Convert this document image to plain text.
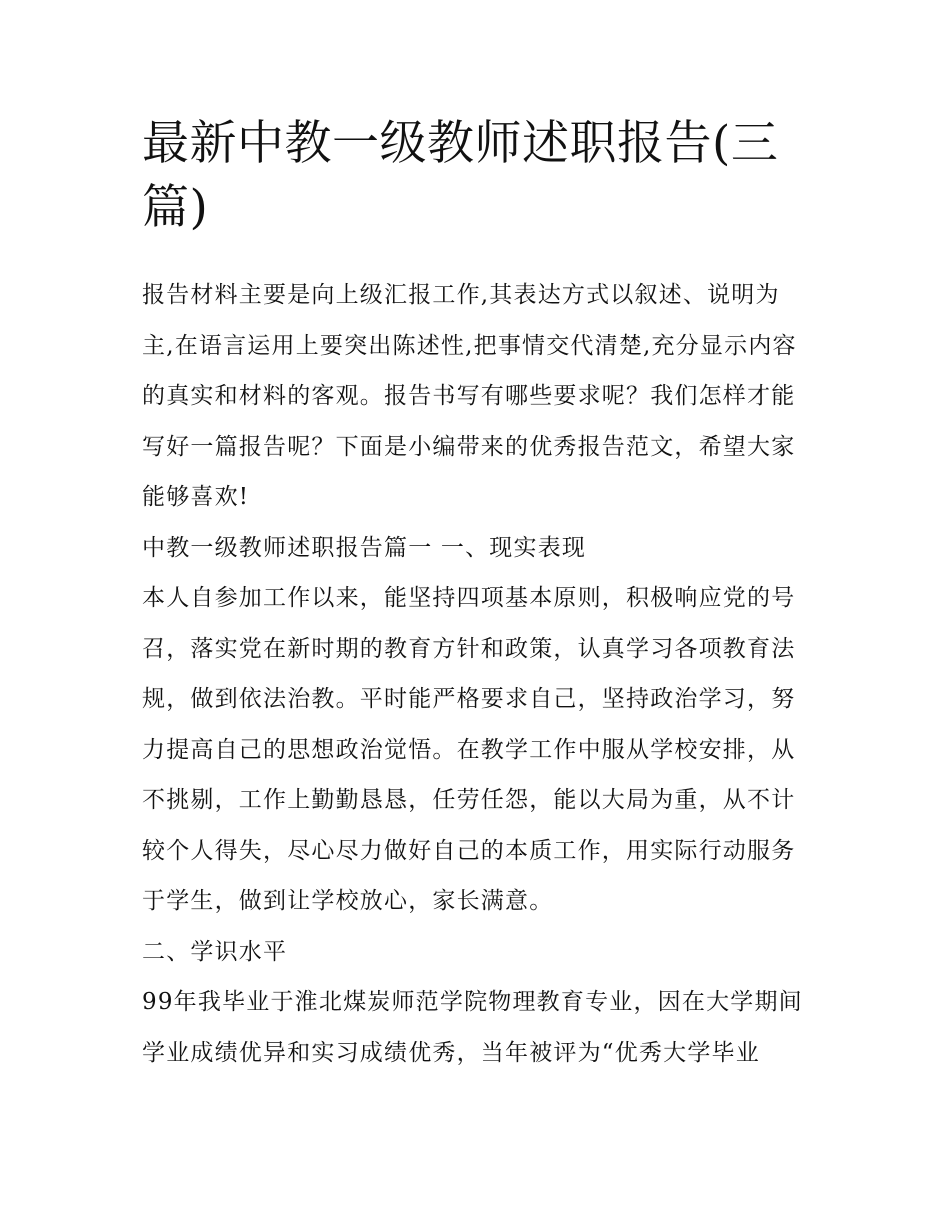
最新中教一级教师述职报告(三篇)

报告材料主要是向上级汇报工作,其表达方式以叙述、说明为主,在语言运用上要突出陈述性,把事情交代清楚,充分显示内容的真实和材料的客观。报告书写有哪些要求呢？我们怎样才能写好一篇报告呢？下面是小编带来的优秀报告范文，希望大家能够喜欢!

中教一级教师述职报告篇一 一、现实表现

本人自参加工作以来，能坚持四项基本原则，积极响应党的号召，落实党在新时期的教育方针和政策，认真学习各项教育法规，做到依法治教。平时能严格要求自己，坚持政治学习，努力提高自己的思想政治觉悟。在教学工作中服从学校安排，从不挑剔，工作上勤勤恳恳，任劳任怨，能以大局为重，从不计较个人得失，尽心尽力做好自己的本质工作，用实际行动服务于学生，做到让学校放心，家长满意。

二、学识水平

99年我毕业于淮北煤炭师范学院物理教育专业，因在大学期间学业成绩优异和实习成绩优秀，当年被评为“优秀大学毕业
